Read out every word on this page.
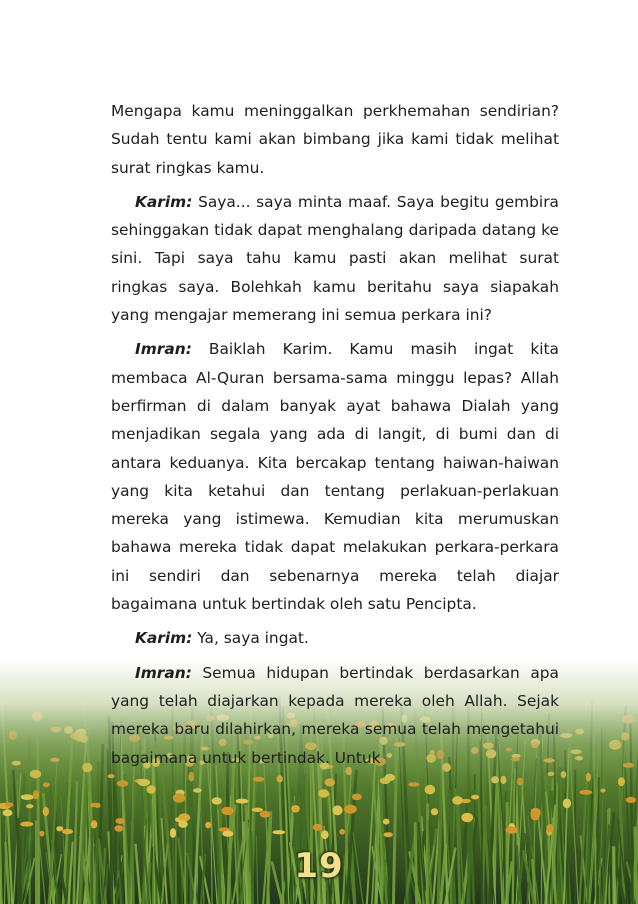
Mengapa kamu meninggalkan perkhemahan sendirian? Sudah tentu kami akan bimbang jika kami tidak melihat surat ringkas kamu.

Karim: Saya... saya minta maaf. Saya begitu gembira sehinggakan tidak dapat menghalang daripada datang ke sini. Tapi saya tahu kamu pasti akan melihat surat ringkas saya. Bolehkah kamu beritahu saya siapakah yang mengajar memerang ini semua perkara ini?

Imran: Baiklah Karim. Kamu masih ingat kita membaca Al-Quran bersama-sama minggu lepas? Allah berfirman di dalam banyak ayat bahawa Dialah yang menjadikan segala yang ada di langit, di bumi dan di antara keduanya. Kita bercakap tentang haiwan-haiwan yang kita ketahui dan tentang perlakuan-perlakuan mereka yang istimewa. Kemudian kita merumuskan bahawa mereka tidak dapat melakukan perkara-perkara ini sendiri dan sebenarnya mereka telah diajar bagaimana untuk bertindak oleh satu Pencipta.

Karim: Ya, saya ingat.

Imran: Semua hidupan bertindak berdasarkan apa yang telah diajarkan kepada mereka oleh Allah. Sejak mereka baru dilahirkan, mereka semua telah mengetahui bagaimana untuk bertindak. Untuk

19
